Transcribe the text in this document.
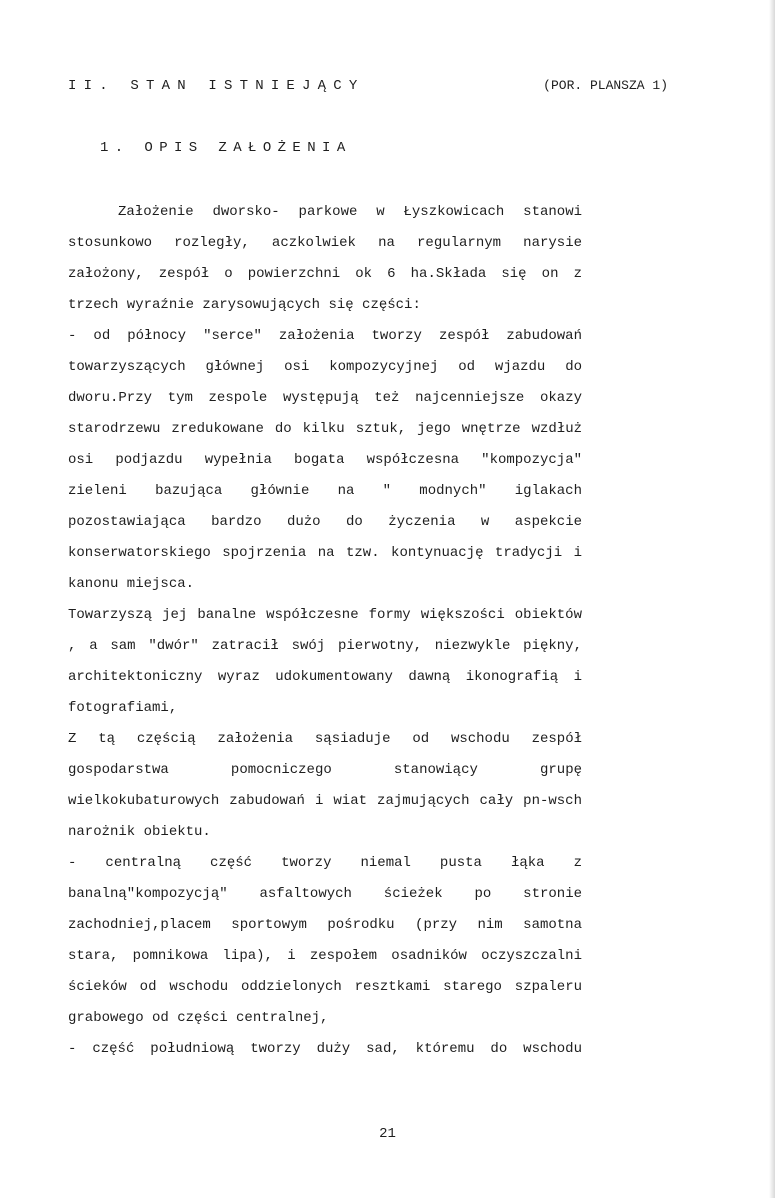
II. STAN ISTNIEJĄCY	(POR. PLANSZA 1)
1. OPIS ZAŁOŻENIA
Założenie dworsko- parkowe w Łyszkowicach stanowi
stosunkowo rozległy, aczkolwiek na regularnym narysie
założony, zespół o powierzchni ok 6 ha.Składa się on z
trzech wyraźnie zarysowujących się części:
- od północy "serce" założenia tworzy zespół zabudowań
towarzyszących głównej osi kompozycyjnej od wjazdu do
dworu.Przy tym zespole występują też najcenniejsze okazy
starodrzewu zredukowane do kilku sztuk, jego wnętrze wzdłuż
osi podjazdu wypełnia bogata współczesna "kompozycja"
zieleni bazująca głównie na " modnych" iglakach
pozostawiająca bardzo dużo do życzenia w aspekcie
konserwatorskiego spojrzenia na tzw. kontynuację tradycji i
kanonu miejsca.
Towarzyszą jej banalne współczesne formy większości obiektów
, a sam "dwór" zatracił swój pierwotny, niezwykle piękny,
architektoniczny wyraz udokumentowany dawną ikonografią i
fotografiami,
Z tą częścią założenia sąsiaduje od wschodu zespół
gospodarstwa pomocniczego stanowiący grupę
wielkokubaturowych zabudowań i wiat zajmujących cały pn-wsch
narożnik obiektu.
- centralną część tworzy niemal pusta łąka z
banalną"kompozycją" asfaltowych ścieżek po stronie
zachodniej,placem sportowym pośrodku (przy nim samotna
stara, pomnikowa lipa), i zespołem osadników oczyszczalni
ścieków od wschodu oddzielonych resztkami starego szpaleru
grabowego od części centralnej,
- część południową tworzy duży sad, któremu do wschodu
21
